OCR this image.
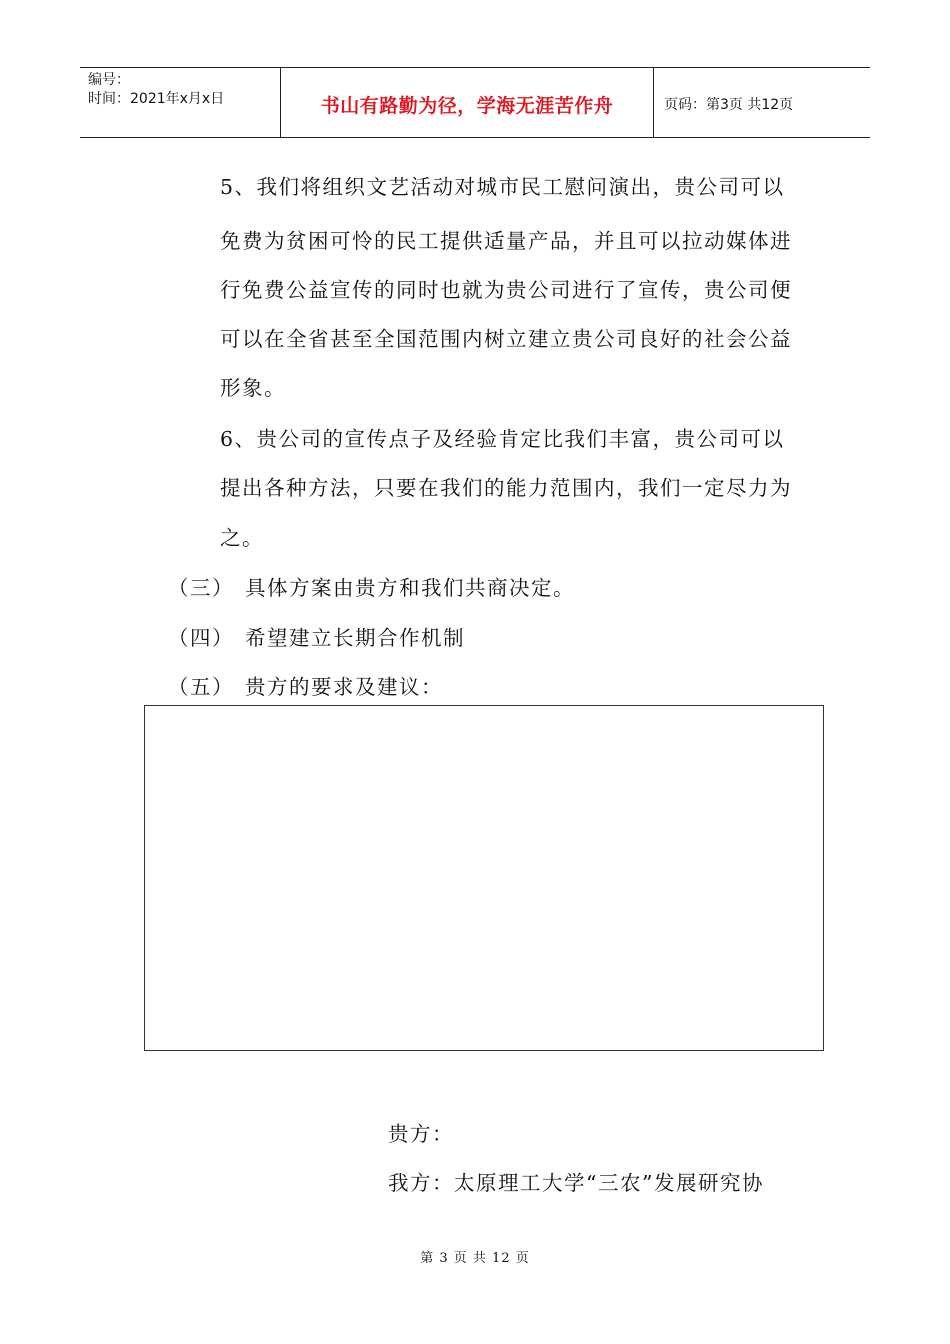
编号：
时间：2021年x月x日	书山有路勤为径，学海无涯苦作舟	页码：第3页 共12页
5、我们将组织文艺活动对城市民工慰问演出，贵公司可以
免费为贫困可怜的民工提供适量产品，并且可以拉动媒体进
行免费公益宣传的同时也就为贵公司进行了宣传，贵公司便
可以在全省甚至全国范围内树立建立贵公司良好的社会公益
形象。
6、贵公司的宣传点子及经验肯定比我们丰富，贵公司可以
提出各种方法，只要在我们的能力范围内，我们一定尽力为
之。
（三） 具体方案由贵方和我们共商决定。
（四） 希望建立长期合作机制
（五） 贵方的要求及建议：
贵方：
我方：太原理工大学“三农”发展研究协
第 3 页 共 12 页
